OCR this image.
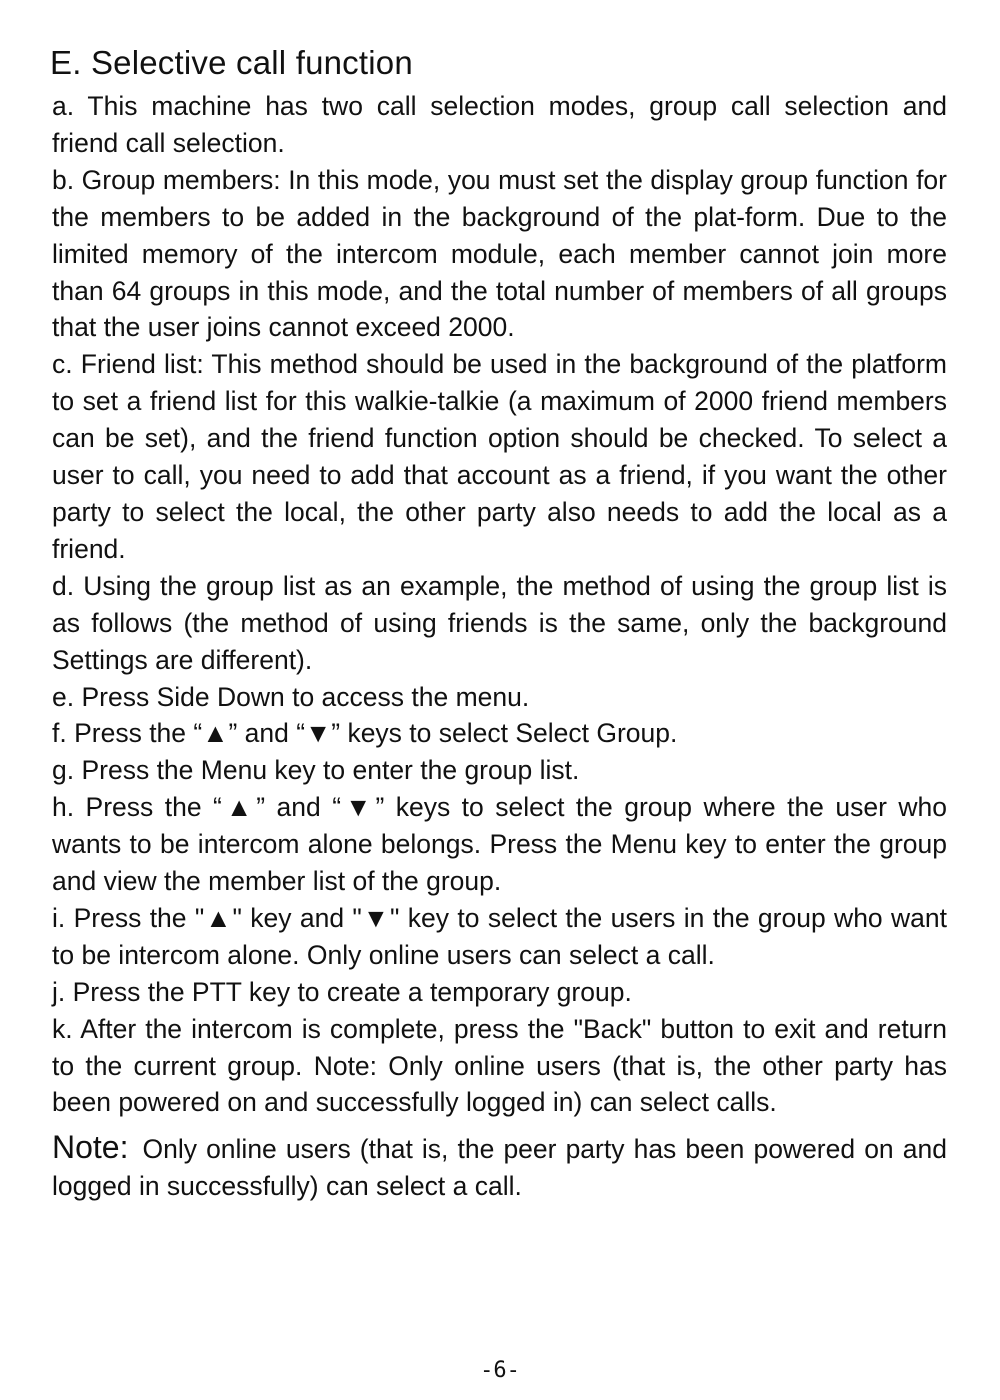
E. Selective call function

a. This machine has two call selection modes, group call selection and friend call selection.

b. Group members: In this mode, you must set the display group function for the members to be added in the background of the plat-form. Due to the limited memory of the intercom module, each member cannot join more than 64 groups in this mode, and the total number of members of all groups that the user joins cannot exceed 2000.

c. Friend list: This method should be used in the background of the platform to set a friend list for this walkie-talkie (a maximum of 2000 friend members can be set), and the friend function option should be checked. To select a user to call, you need to add that account as a friend, if you want the other party to select the local, the other party also needs to add the local as a friend.

d. Using the group list as an example, the method of using the group list is as follows (the method of using friends is the same, only the background Settings are different).

e. Press Side Down to access the menu.

f. Press the “▲” and “▼” keys to select Select Group.

g. Press the Menu key to enter the group list.

h. Press the “▲” and “▼” keys to select the group where the user who wants to be intercom alone belongs. Press the Menu key to enter the group and view the member list of the group.

i. Press the "▲" key and "▼" key to select the users in the group who want to be intercom alone. Only online users can select a call.

j. Press the PTT key to create a temporary group.

k. After the intercom is complete, press the "Back" button to exit and return to the current group. Note: Only online users (that is, the other party has been powered on and successfully logged in) can select calls.

Note: Only online users (that is, the peer party has been powered on and logged in successfully) can select a call.
-6-
